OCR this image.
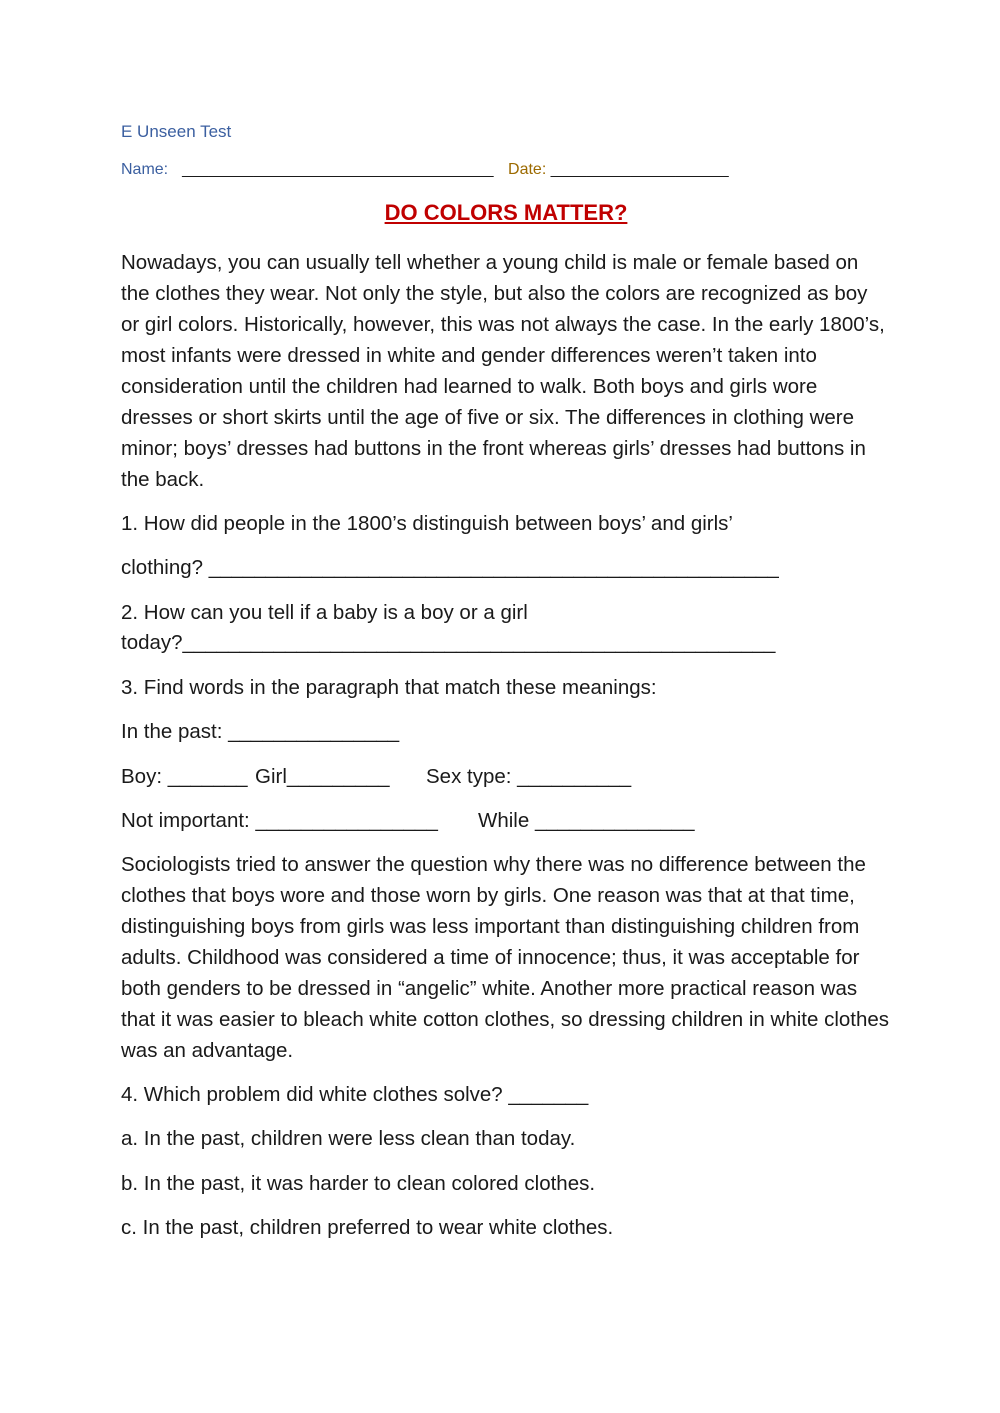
E Unseen Test
Name: ___________________________________ Date: ____________________
DO COLORS MATTER?

Nowadays, you can usually tell whether a young child is male or female based on the clothes they wear. Not only the style, but also the colors are recognized as boy or girl colors. Historically, however, this was not always the case. In the early 1800’s, most infants were dressed in white and gender differences weren’t taken into consideration until the children had learned to walk. Both boys and girls wore dresses or short skirts until the age of five or six. The differences in clothing were minor; boys’ dresses had buttons in the front whereas girls’ dresses had buttons in the back.

1. How did people in the 1800’s distinguish between boys’ and girls’
clothing? __________________________________________________
2. How can you tell if a baby is a boy or a girl
today?____________________________________________________
3. Find words in the paragraph that match these meanings:
In the past: _______________
Boy: _______ Girl_________ Sex type: __________
Not important: ________________ While ______________

Sociologists tried to answer the question why there was no difference between the clothes that boys wore and those worn by girls. One reason was that at that time, distinguishing boys from girls was less important than distinguishing children from adults. Childhood was considered a time of innocence; thus, it was acceptable for both genders to be dressed in “angelic” white. Another more practical reason was that it was easier to bleach white cotton clothes, so dressing children in white clothes was an advantage.

4. Which problem did white clothes solve? _______
a. In the past, children were less clean than today.
b. In the past, it was harder to clean colored clothes.
c. In the past, children preferred to wear white clothes.
